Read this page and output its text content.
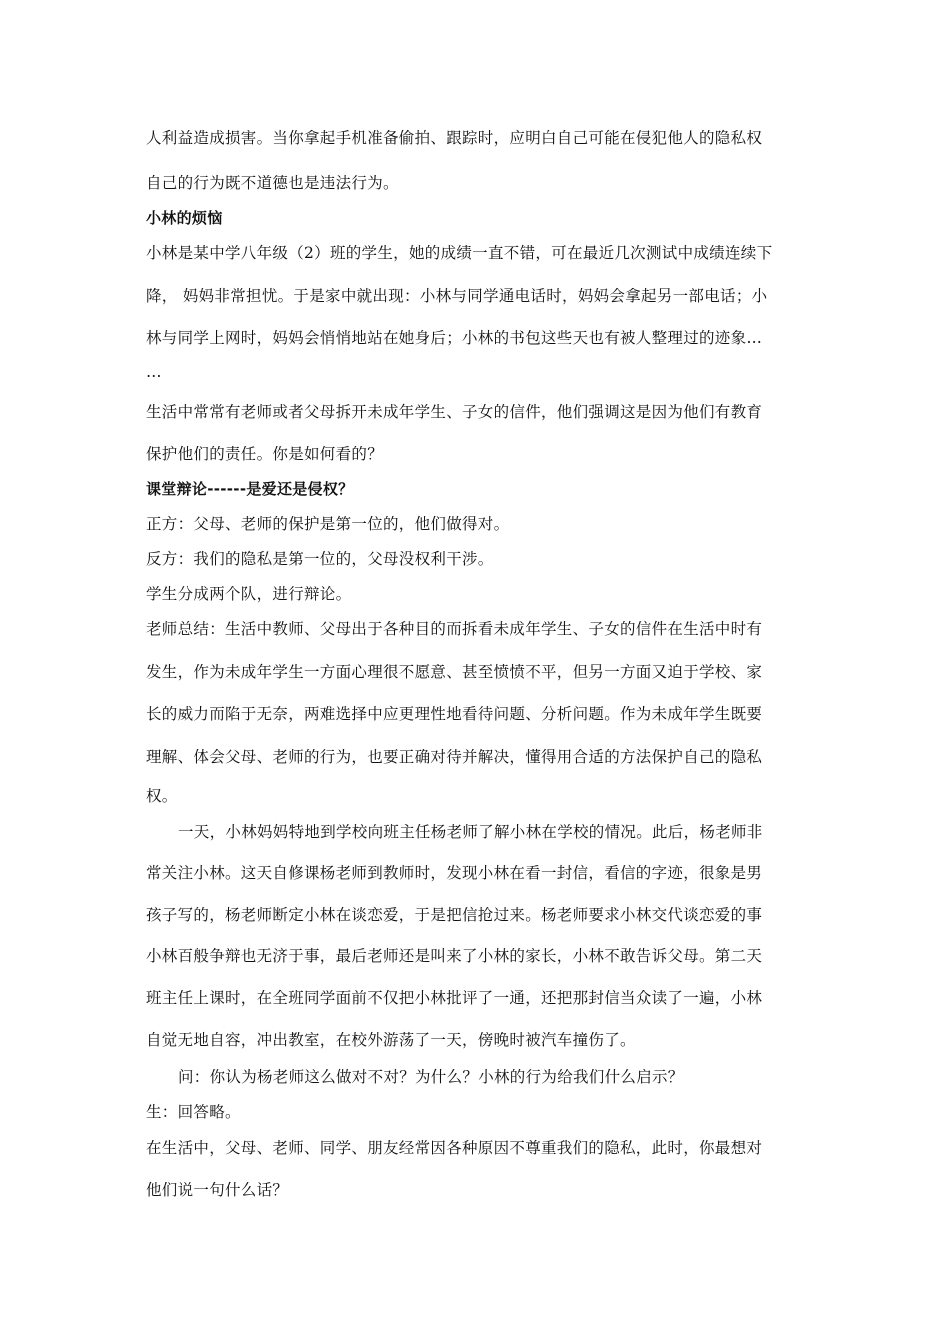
人利益造成损害。当你拿起手机准备偷拍、跟踪时，应明白自己可能在侵犯他人的隐私权
自己的行为既不道德也是违法行为。
小林的烦恼
小林是某中学八年级（2）班的学生，她的成绩一直不错，可在最近几次测试中成绩连续下
降， 妈妈非常担忧。于是家中就出现：小林与同学通电话时，妈妈会拿起另一部电话；小
林与同学上网时，妈妈会悄悄地站在她身后；小林的书包这些天也有被人整理过的迹象…
…
生活中常常有老师或者父母拆开未成年学生、子女的信件，他们强调这是因为他们有教育
保护他们的责任。你是如何看的？
课堂辩论------是爱还是侵权？
正方：父母、老师的保护是第一位的，他们做得对。
反方：我们的隐私是第一位的，父母没权利干涉。
学生分成两个队，进行辩论。
老师总结：生活中教师、父母出于各种目的而拆看未成年学生、子女的信件在生活中时有
发生，作为未成年学生一方面心理很不愿意、甚至愤愤不平，但另一方面又迫于学校、家
长的威力而陷于无奈，两难选择中应更理性地看待问题、分析问题。作为未成年学生既要
理解、体会父母、老师的行为，也要正确对待并解决，懂得用合适的方法保护自己的隐私
权。
一天，小林妈妈特地到学校向班主任杨老师了解小林在学校的情况。此后，杨老师非
常关注小林。这天自修课杨老师到教师时，发现小林在看一封信，看信的字迹，很象是男
孩子写的，杨老师断定小林在谈恋爱，于是把信抢过来。杨老师要求小林交代谈恋爱的事
小林百般争辩也无济于事，最后老师还是叫来了小林的家长，小林不敢告诉父母。第二天
班主任上课时，在全班同学面前不仅把小林批评了一通，还把那封信当众读了一遍，小林
自觉无地自容，冲出教室，在校外游荡了一天，傍晚时被汽车撞伤了。
问：你认为杨老师这么做对不对？为什么？小林的行为给我们什么启示？
生：回答略。
在生活中，父母、老师、同学、朋友经常因各种原因不尊重我们的隐私，此时，你最想对
他们说一句什么话？
